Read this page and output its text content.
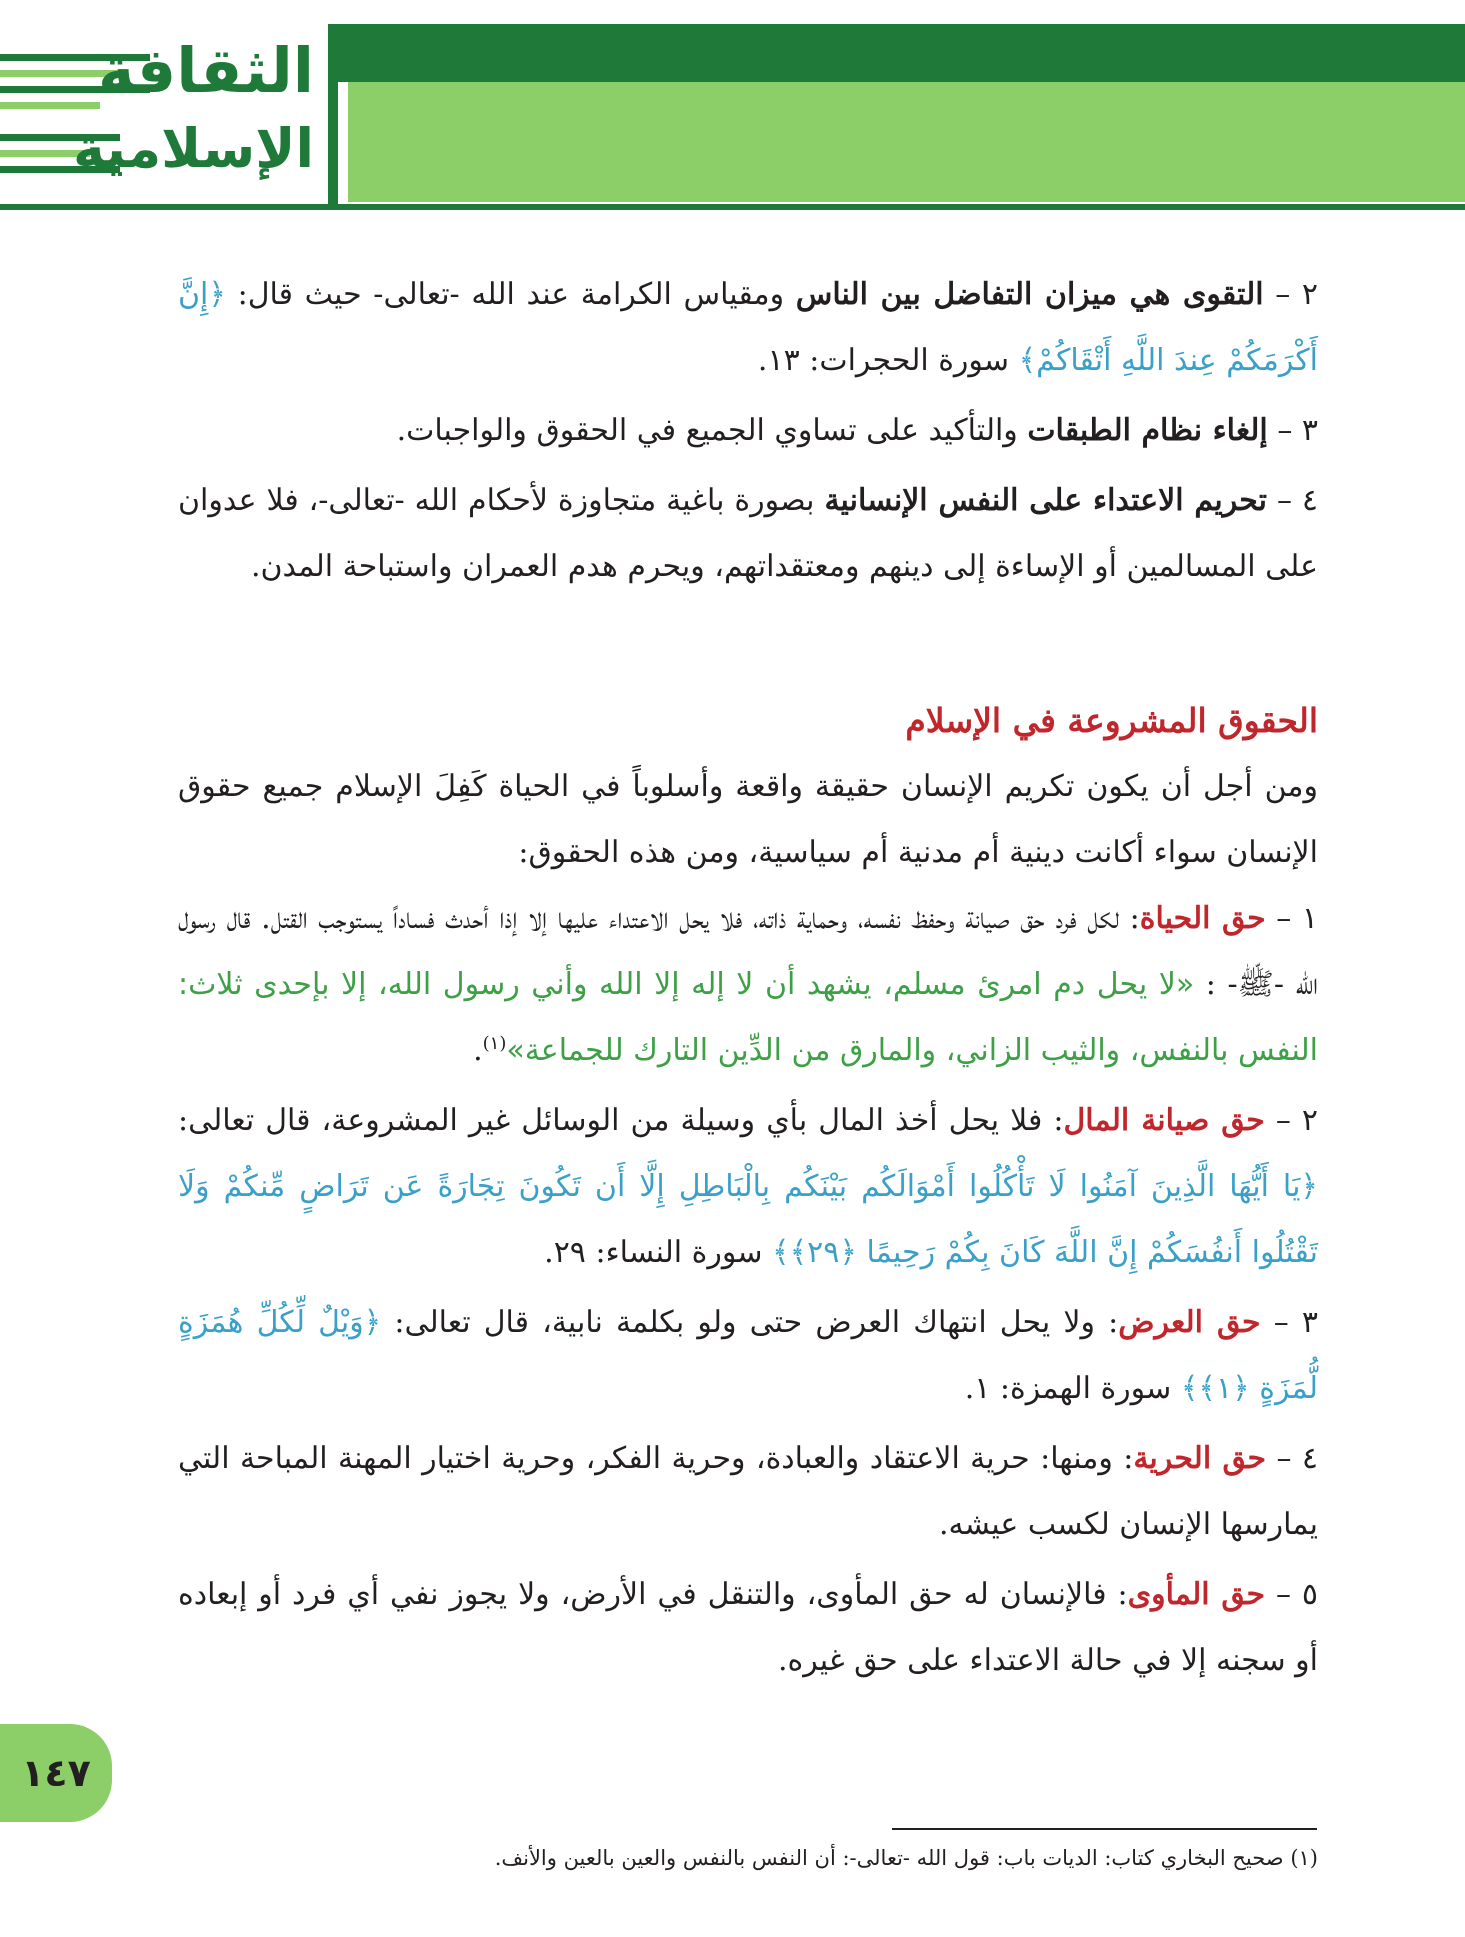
الثقافة
الإسلامية

٢ – التقوى هي ميزان التفاضل بين الناس ومقياس الكرامة عند الله -تعالى- حيث قال: ﴿إِنَّ أَكْرَمَكُمْ عِندَ اللَّهِ أَتْقَاكُمْ﴾ سورة الحجرات: ١٣.

٣ – إلغاء نظام الطبقات والتأكيد على تساوي الجميع في الحقوق والواجبات.

٤ – تحريم الاعتداء على النفس الإنسانية بصورة باغية متجاوزة لأحكام الله -تعالى-، فلا عدوان على المسالمين أو الإساءة إلى دينهم ومعتقداتهم، ويحرم هدم العمران واستباحة المدن.

الحقوق المشروعة في الإسلام

ومن أجل أن يكون تكريم الإنسان حقيقة واقعة وأسلوباً في الحياة كَفِلَ الإسلام جميع حقوق الإنسان سواء أكانت دينية أم مدنية أم سياسية، ومن هذه الحقوق:

١ – حق الحياة: لكل فرد حق صيانة وحفظ نفسه، وحماية ذاته، فلا يحل الاعتداء عليها إلا إذا أحدث فساداً يستوجب القتل. قال رسول الله -ﷺ- : «لا يحل دم امرئ مسلم، يشهد أن لا إله إلا الله وأني رسول الله، إلا بإحدى ثلاث: النفس بالنفس، والثيب الزاني، والمارق من الدِّين التارك للجماعة»$^{(١)}$.

٢ – حق صيانة المال: فلا يحل أخذ المال بأي وسيلة من الوسائل غير المشروعة، قال تعالى: ﴿يَا أَيُّهَا الَّذِينَ آمَنُوا لَا تَأْكُلُوا أَمْوَالَكُم بَيْنَكُم بِالْبَاطِلِ إِلَّا أَن تَكُونَ تِجَارَةً عَن تَرَاضٍ مِّنكُمْ وَلَا تَقْتُلُوا أَنفُسَكُمْ إِنَّ اللَّهَ كَانَ بِكُمْ رَحِيمًا ﴿٢٩﴾﴾ سورة النساء: ٢٩.

٣ – حق العرض: ولا يحل انتهاك العرض حتى ولو بكلمة نابية، قال تعالى: ﴿وَيْلٌ لِّكُلِّ هُمَزَةٍ لُّمَزَةٍ ﴿١﴾﴾ سورة الهمزة: ١.

٤ – حق الحرية: ومنها: حرية الاعتقاد والعبادة، وحرية الفكر، وحرية اختيار المهنة المباحة التي يمارسها الإنسان لكسب عيشه.

٥ – حق المأوى: فالإنسان له حق المأوى، والتنقل في الأرض، ولا يجوز نفي أي فرد أو إبعاده أو سجنه إلا في حالة الاعتداء على حق غيره.

١٤٧
(١) صحيح البخاري كتاب: الديات باب: قول الله -تعالى-: أن النفس بالنفس والعين بالعين والأنف.
